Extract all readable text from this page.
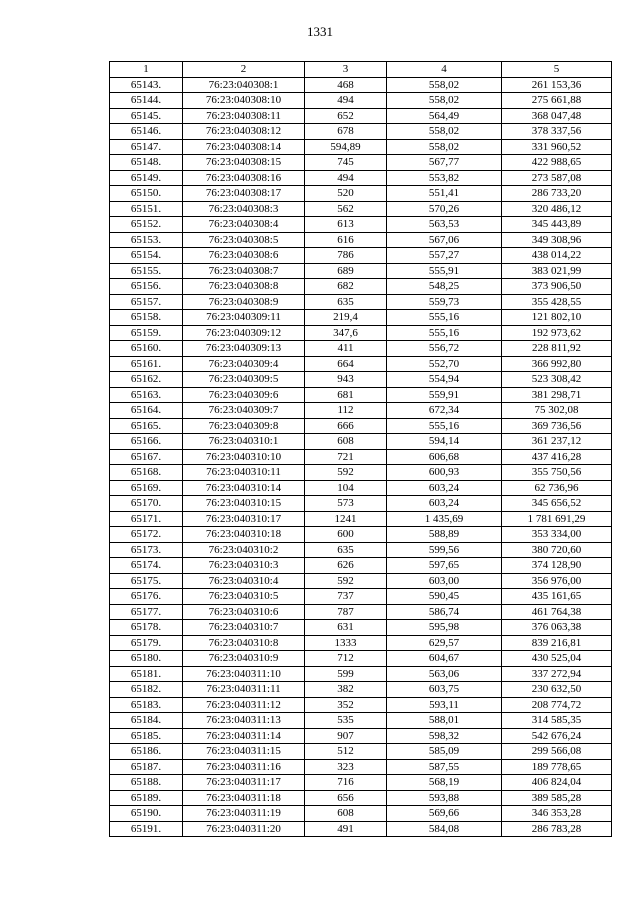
1331
1	2	3	4	5
65143.	76:23:040308:1	468	558,02	261 153,36
65144.	76:23:040308:10	494	558,02	275 661,88
65145.	76:23:040308:11	652	564,49	368 047,48
65146.	76:23:040308:12	678	558,02	378 337,56
65147.	76:23:040308:14	594,89	558,02	331 960,52
65148.	76:23:040308:15	745	567,77	422 988,65
65149.	76:23:040308:16	494	553,82	273 587,08
65150.	76:23:040308:17	520	551,41	286 733,20
65151.	76:23:040308:3	562	570,26	320 486,12
65152.	76:23:040308:4	613	563,53	345 443,89
65153.	76:23:040308:5	616	567,06	349 308,96
65154.	76:23:040308:6	786	557,27	438 014,22
65155.	76:23:040308:7	689	555,91	383 021,99
65156.	76:23:040308:8	682	548,25	373 906,50
65157.	76:23:040308:9	635	559,73	355 428,55
65158.	76:23:040309:11	219,4	555,16	121 802,10
65159.	76:23:040309:12	347,6	555,16	192 973,62
65160.	76:23:040309:13	411	556,72	228 811,92
65161.	76:23:040309:4	664	552,70	366 992,80
65162.	76:23:040309:5	943	554,94	523 308,42
65163.	76:23:040309:6	681	559,91	381 298,71
65164.	76:23:040309:7	112	672,34	75 302,08
65165.	76:23:040309:8	666	555,16	369 736,56
65166.	76:23:040310:1	608	594,14	361 237,12
65167.	76:23:040310:10	721	606,68	437 416,28
65168.	76:23:040310:11	592	600,93	355 750,56
65169.	76:23:040310:14	104	603,24	62 736,96
65170.	76:23:040310:15	573	603,24	345 656,52
65171.	76:23:040310:17	1241	1 435,69	1 781 691,29
65172.	76:23:040310:18	600	588,89	353 334,00
65173.	76:23:040310:2	635	599,56	380 720,60
65174.	76:23:040310:3	626	597,65	374 128,90
65175.	76:23:040310:4	592	603,00	356 976,00
65176.	76:23:040310:5	737	590,45	435 161,65
65177.	76:23:040310:6	787	586,74	461 764,38
65178.	76:23:040310:7	631	595,98	376 063,38
65179.	76:23:040310:8	1333	629,57	839 216,81
65180.	76:23:040310:9	712	604,67	430 525,04
65181.	76:23:040311:10	599	563,06	337 272,94
65182.	76:23:040311:11	382	603,75	230 632,50
65183.	76:23:040311:12	352	593,11	208 774,72
65184.	76:23:040311:13	535	588,01	314 585,35
65185.	76:23:040311:14	907	598,32	542 676,24
65186.	76:23:040311:15	512	585,09	299 566,08
65187.	76:23:040311:16	323	587,55	189 778,65
65188.	76:23:040311:17	716	568,19	406 824,04
65189.	76:23:040311:18	656	593,88	389 585,28
65190.	76:23:040311:19	608	569,66	346 353,28
65191.	76:23:040311:20	491	584,08	286 783,28
